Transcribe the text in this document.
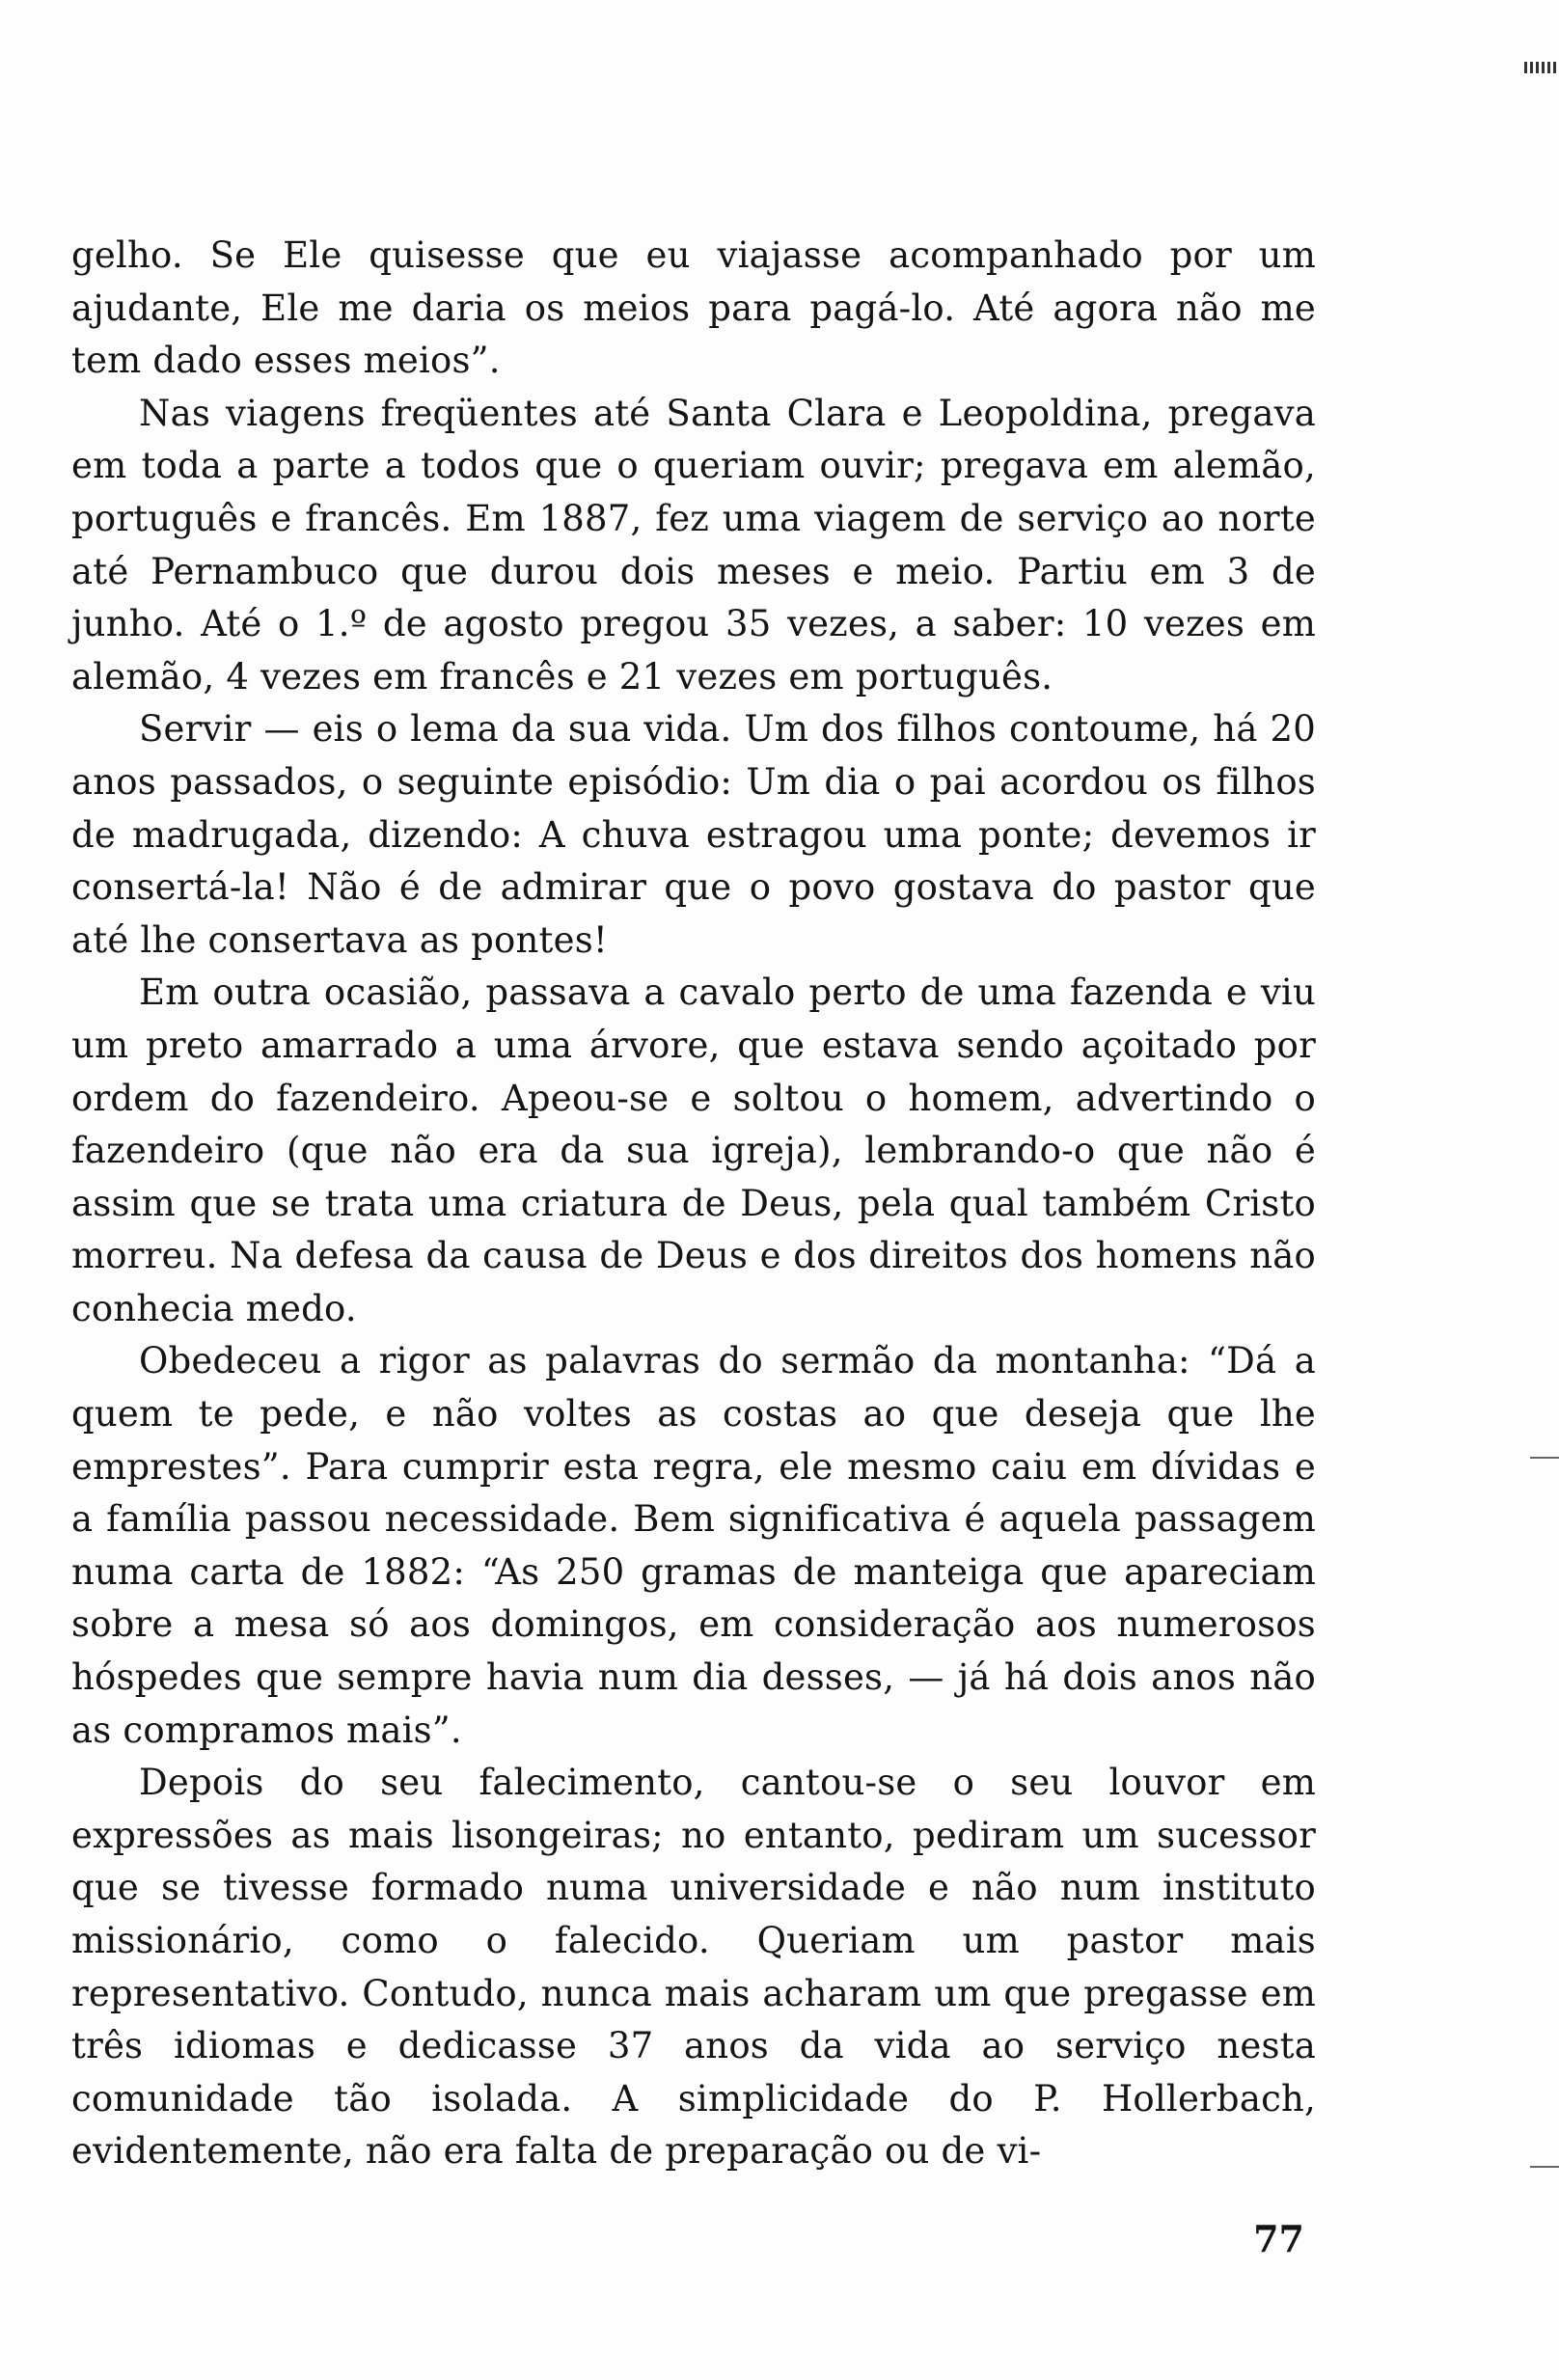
gelho. Se Ele quisesse que eu viajasse acompanhado por um ajudante, Ele me daria os meios para pagá-lo. Até agora não me tem dado esses meios”.

Nas viagens freqüentes até Santa Clara e Leopoldina, pregava em toda a parte a todos que o queriam ouvir; pregava em alemão, português e francês. Em 1887, fez uma viagem de serviço ao norte até Pernambuco que durou dois meses e meio. Partiu em 3 de junho. Até o 1.º de agosto pregou 35 vezes, a saber: 10 vezes em alemão, 4 vezes em francês e 21 vezes em português.

Servir — eis o lema da sua vida. Um dos filhos contoume, há 20 anos passados, o seguinte episódio: Um dia o pai acordou os filhos de madrugada, dizendo: A chuva estragou uma ponte; devemos ir consertá-la! Não é de admirar que o povo gostava do pastor que até lhe consertava as pontes!

Em outra ocasião, passava a cavalo perto de uma fazenda e viu um preto amarrado a uma árvore, que estava sendo açoitado por ordem do fazendeiro. Apeou-se e soltou o homem, advertindo o fazendeiro (que não era da sua igreja), lembrando-o que não é assim que se trata uma criatura de Deus, pela qual também Cristo morreu. Na defesa da causa de Deus e dos direitos dos homens não conhecia medo.

Obedeceu a rigor as palavras do sermão da montanha: “Dá a quem te pede, e não voltes as costas ao que deseja que lhe emprestes”. Para cumprir esta regra, ele mesmo caiu em dívidas e a família passou necessidade. Bem significativa é aquela passagem numa carta de 1882: “As 250 gramas de manteiga que apareciam sobre a mesa só aos domingos, em consideração aos numerosos hóspedes que sempre havia num dia desses, — já há dois anos não as compramos mais”.

Depois do seu falecimento, cantou-se o seu louvor em expressões as mais lisongeiras; no entanto, pediram um sucessor que se tivesse formado numa universidade e não num instituto missionário, como o falecido. Queriam um pastor mais representativo. Contudo, nunca mais acharam um que pregasse em três idiomas e dedicasse 37 anos da vida ao serviço nesta comunidade tão isolada. A simplicidade do P. Hollerbach, evidentemente, não era falta de preparação ou de vi-

77
